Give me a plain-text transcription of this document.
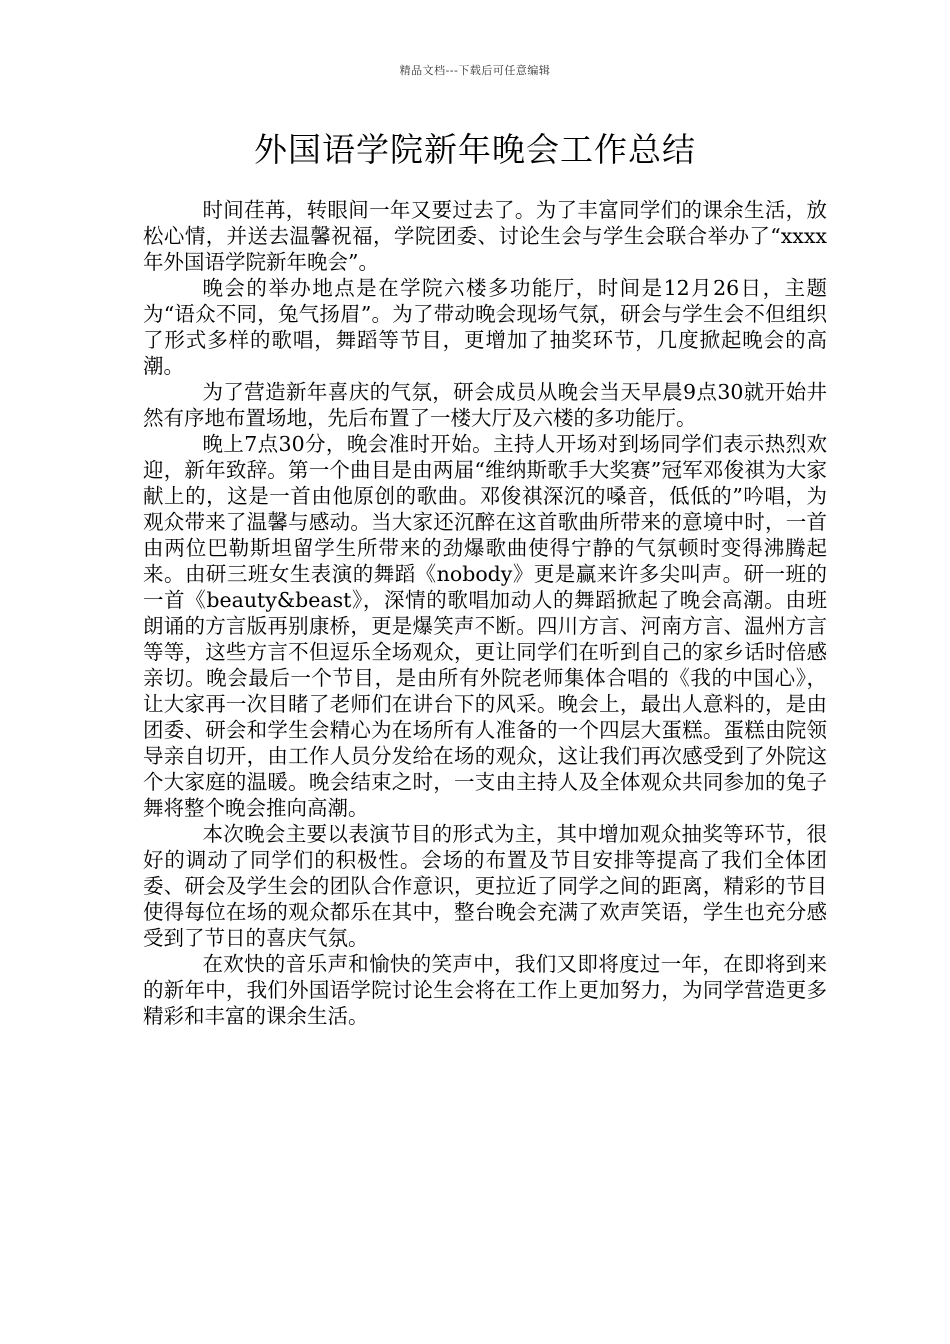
精品文档---下载后可任意编辑
外国语学院新年晚会工作总结

时间荏苒，转眼间一年又要过去了。为了丰富同学们的课余生活，放松心情，并送去温馨祝福，学院团委、讨论生会与学生会联合举办了“xxxx年外国语学院新年晚会”。

晚会的举办地点是在学院六楼多功能厅，时间是12月26日，主题为“语众不同，兔气扬眉”。为了带动晚会现场气氛，研会与学生会不但组织了形式多样的歌唱，舞蹈等节目，更增加了抽奖环节，几度掀起晚会的高潮。

为了营造新年喜庆的气氛，研会成员从晚会当天早晨9点30就开始井然有序地布置场地，先后布置了一楼大厅及六楼的多功能厅。

晚上7点30分，晚会准时开始。主持人开场对到场同学们表示热烈欢迎，新年致辞。第一个曲目是由两届“维纳斯歌手大奖赛”冠军邓俊祺为大家献上的，这是一首由他原创的歌曲。邓俊祺深沉的嗓音，低低的”吟唱，为观众带来了温馨与感动。当大家还沉醉在这首歌曲所带来的意境中时，一首由两位巴勒斯坦留学生所带来的劲爆歌曲使得宁静的气氛顿时变得沸腾起来。由研三班女生表演的舞蹈《nobody》更是赢来许多尖叫声。研一班的一首《beauty&beast》，深情的歌唱加动人的舞蹈掀起了晚会高潮。由班朗诵的方言版再别康桥，更是爆笑声不断。四川方言、河南方言、温州方言等等，这些方言不但逗乐全场观众，更让同学们在听到自己的家乡话时倍感亲切。晚会最后一个节目，是由所有外院老师集体合唱的《我的中国心》，让大家再一次目睹了老师们在讲台下的风采。晚会上，最出人意料的，是由团委、研会和学生会精心为在场所有人准备的一个四层大蛋糕。蛋糕由院领导亲自切开，由工作人员分发给在场的观众，这让我们再次感受到了外院这个大家庭的温暖。晚会结束之时，一支由主持人及全体观众共同参加的兔子舞将整个晚会推向高潮。

本次晚会主要以表演节目的形式为主，其中增加观众抽奖等环节，很好的调动了同学们的积极性。会场的布置及节目安排等提高了我们全体团委、研会及学生会的团队合作意识，更拉近了同学之间的距离，精彩的节目使得每位在场的观众都乐在其中，整台晚会充满了欢声笑语，学生也充分感受到了节日的喜庆气氛。

在欢快的音乐声和愉快的笑声中，我们又即将度过一年，在即将到来的新年中，我们外国语学院讨论生会将在工作上更加努力，为同学营造更多精彩和丰富的课余生活。
